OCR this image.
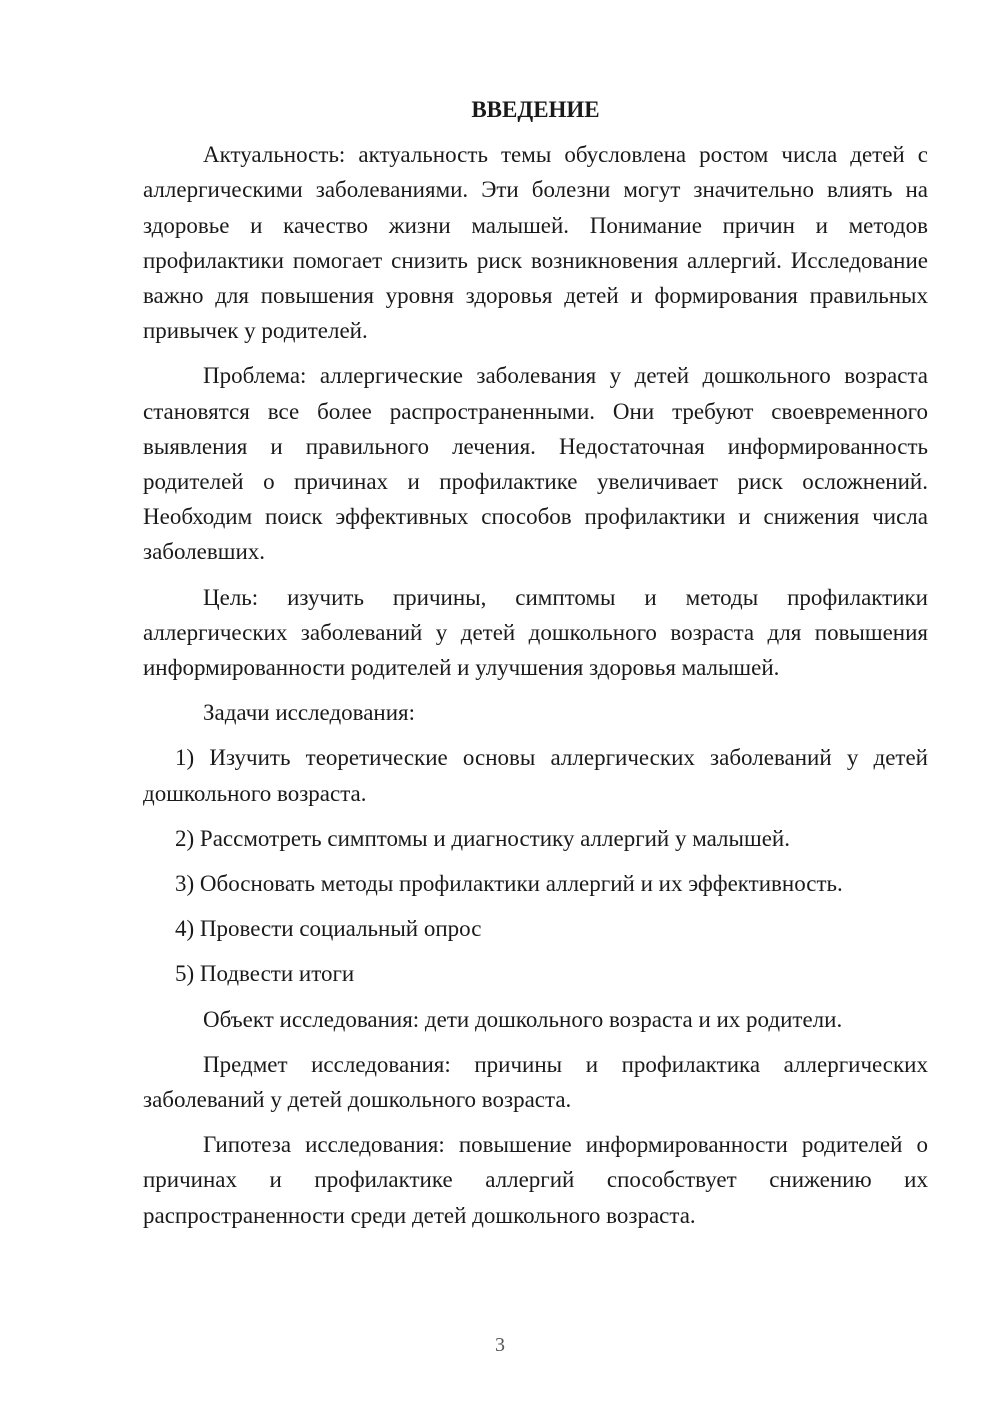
ВВЕДЕНИЕ

Актуальность: актуальность темы обусловлена ростом числа детей с аллергическими заболеваниями. Эти болезни могут значительно влиять на здоровье и качество жизни малышей. Понимание причин и методов профилактики помогает снизить риск возникновения аллергий. Исследование важно для повышения уровня здоровья детей и формирования правильных привычек у родителей.

Проблема: аллергические заболевания у детей дошкольного возраста становятся все более распространенными. Они требуют своевременного выявления и правильного лечения. Недостаточная информированность родителей о причинах и профилактике увеличивает риск осложнений. Необходим поиск эффективных способов профилактики и снижения числа заболевших.

Цель: изучить причины, симптомы и методы профилактики аллергических заболеваний у детей дошкольного возраста для повышения информированности родителей и улучшения здоровья малышей.

Задачи исследования:

1) Изучить теоретические основы аллергических заболеваний у детей дошкольного возраста.

2) Рассмотреть симптомы и диагностику аллергий у малышей.

3) Обосновать методы профилактики аллергий и их эффективность.

4) Провести социальный опрос

5) Подвести итоги

Объект исследования: дети дошкольного возраста и их родители.

Предмет исследования: причины и профилактика аллергических заболеваний у детей дошкольного возраста.

Гипотеза исследования: повышение информированности родителей о причинах и профилактике аллергий способствует снижению их распространенности среди детей дошкольного возраста.

3
